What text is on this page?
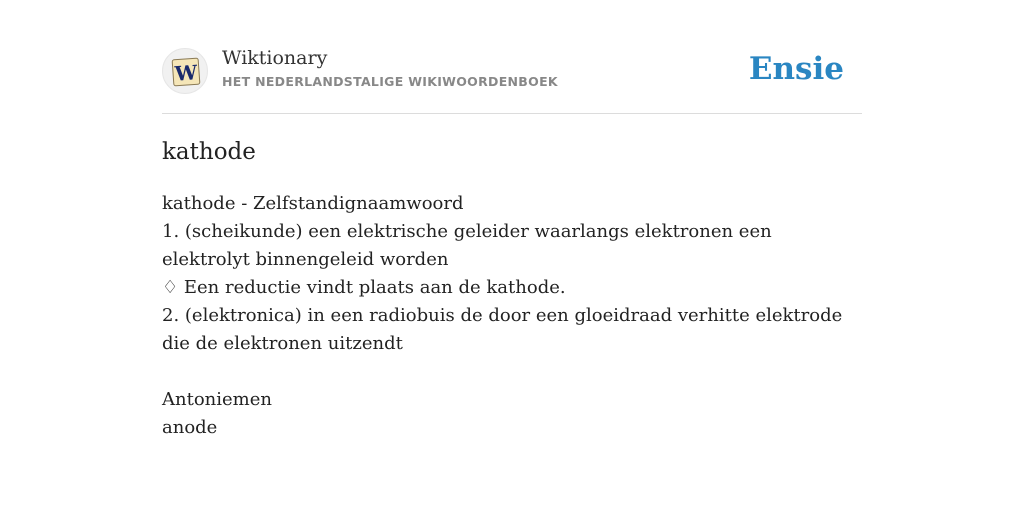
W
Wiktionary
HET NEDERLANDSTALIGE WIKIWOORDENBOEK	Ensie
kathode
kathode - Zelfstandignaamwoord
1. (scheikunde) een elektrische geleider waarlangs elektronen een elektrolyt binnengeleid worden
♢ Een reductie vindt plaats aan de kathode.
2. (elektronica) in een radiobuis de door een gloeidraad verhitte elektrode die de elektronen uitzendt
Antoniemen
anode
